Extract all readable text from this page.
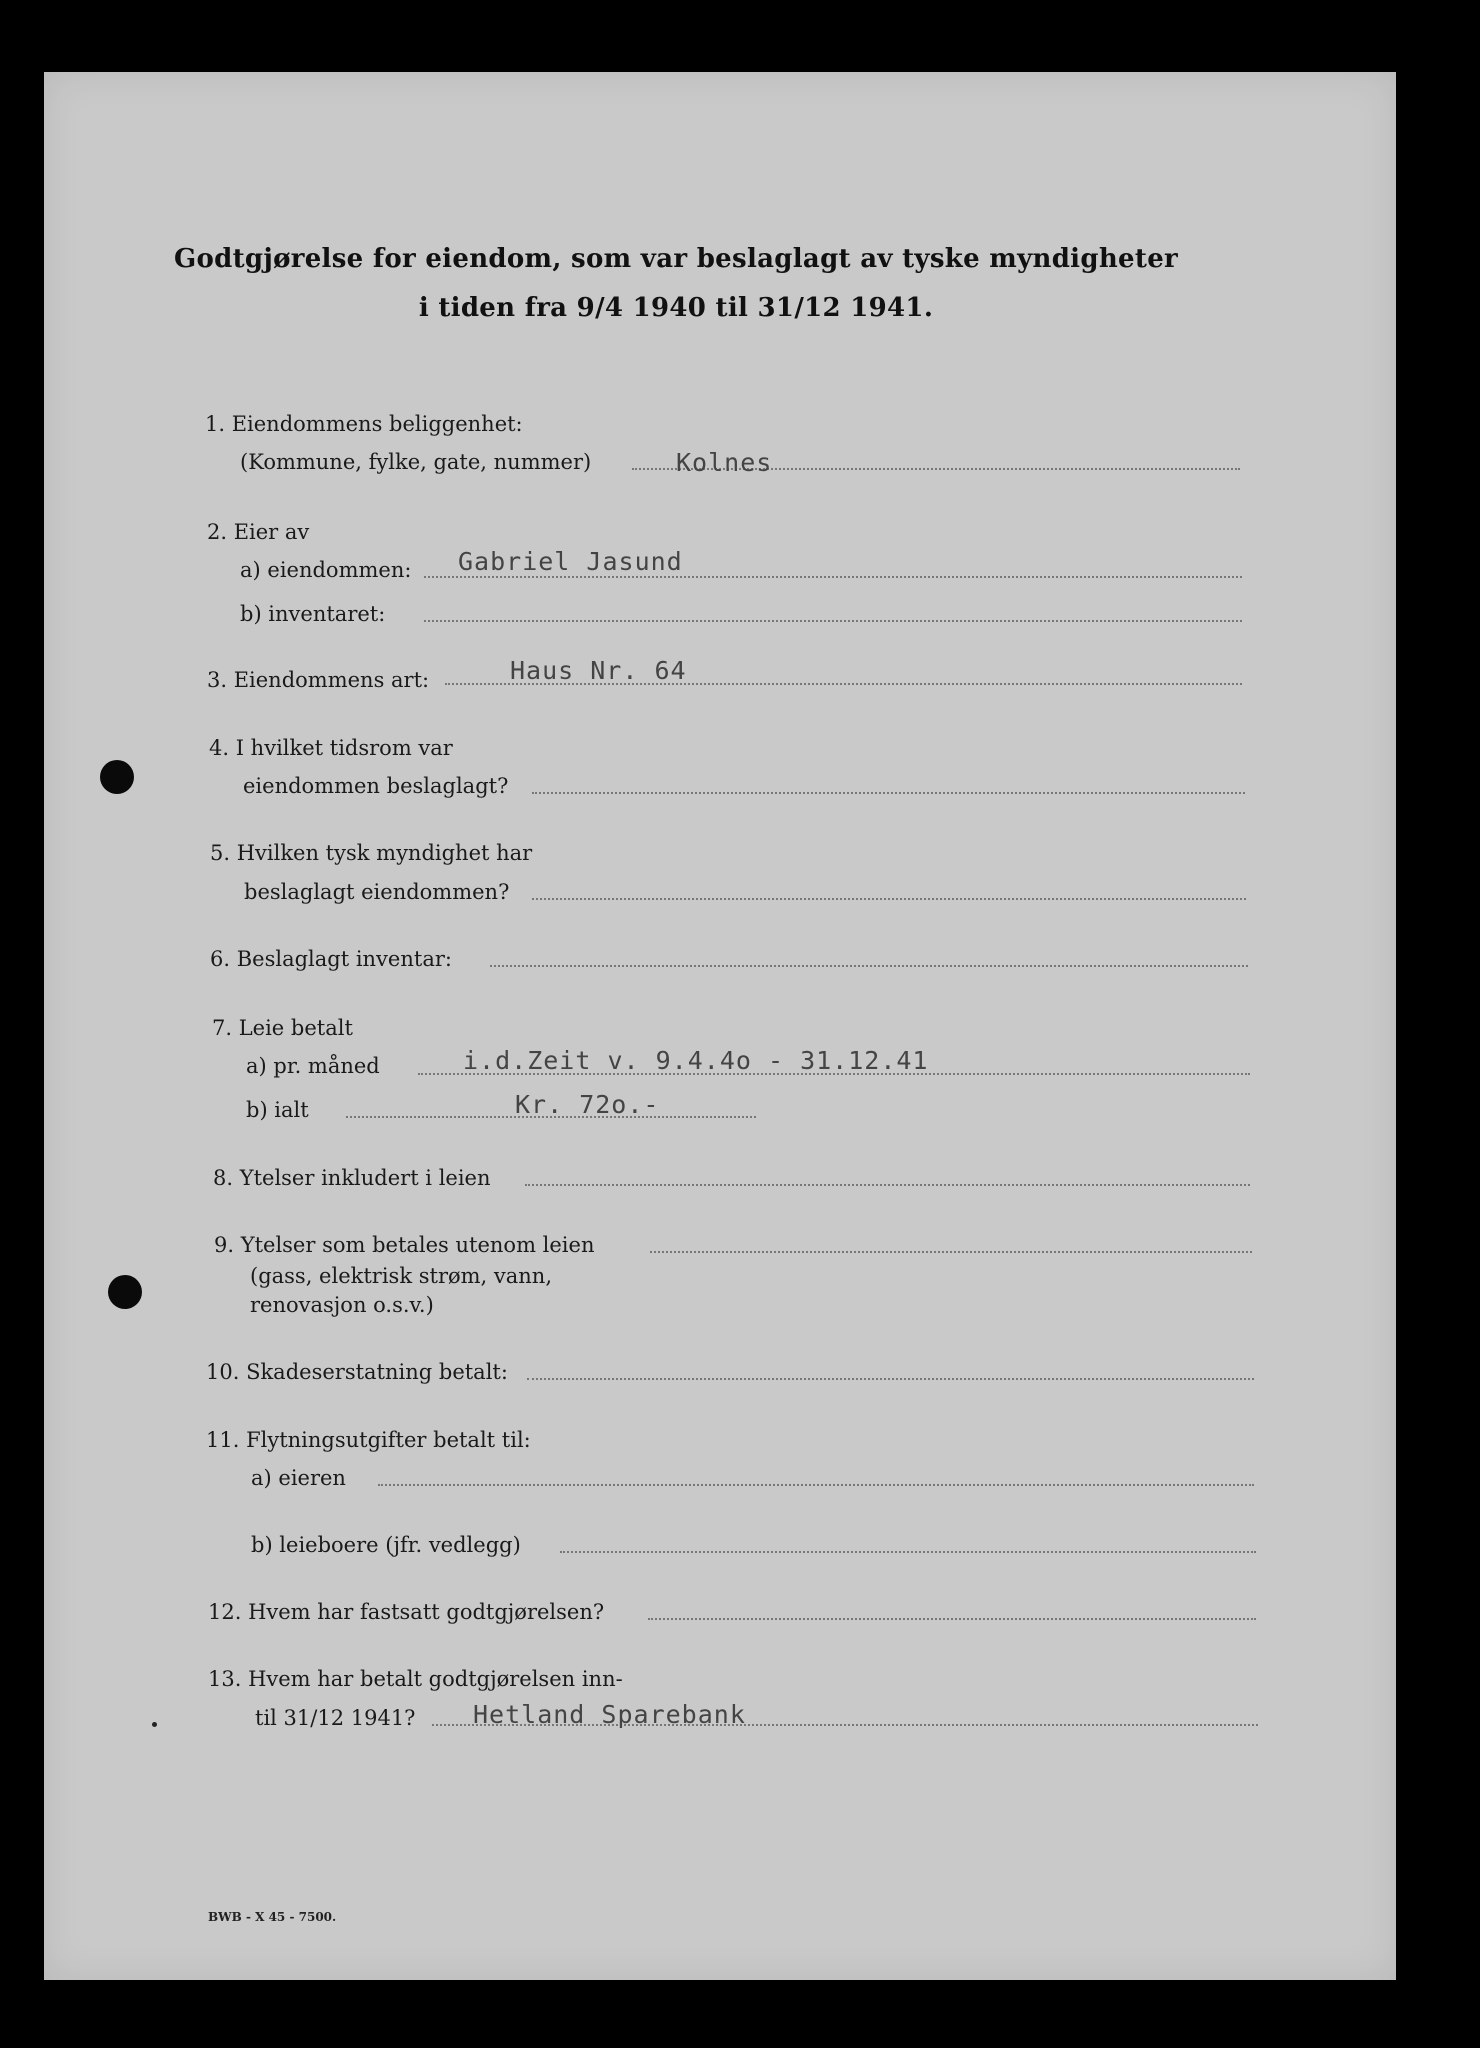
Godtgjørelse for eiendom, som var beslaglagt av tyske myndigheter
i tiden fra 9/4 1940 til 31/12 1941.
1. Eiendommens beliggenhet:
(Kommune, fylke, gate, nummer)	Kolnes
2. Eier av
a) eiendommen: Gabriel Jasund
b) inventaret:
3. Eiendommens art:	Haus Nr. 64
4. I hvilket tidsrom var
eiendommen beslaglagt?
5. Hvilken tysk myndighet har
beslaglagt eiendommen?
6. Beslaglagt inventar:
7. Leie betalt
a) pr. måned	i.d.Zeit v. 9.4.4o - 31.12.41
b) ialt	Kr. 72o.-
8. Ytelser inkludert i leien
9. Ytelser som betales utenom leien
(gass, elektrisk strøm, vann,
renovasjon o.s.v.)
10. Skadeserstatning betalt:
11. Flytningsutgifter betalt til:
a) eieren
b) leieboere (jfr. vedlegg)
12. Hvem har fastsatt godtgjørelsen?
13. Hvem har betalt godtgjørelsen inn-
til 31/12 1941? Hetland Sparebank
BWB - X 45 - 7500.
